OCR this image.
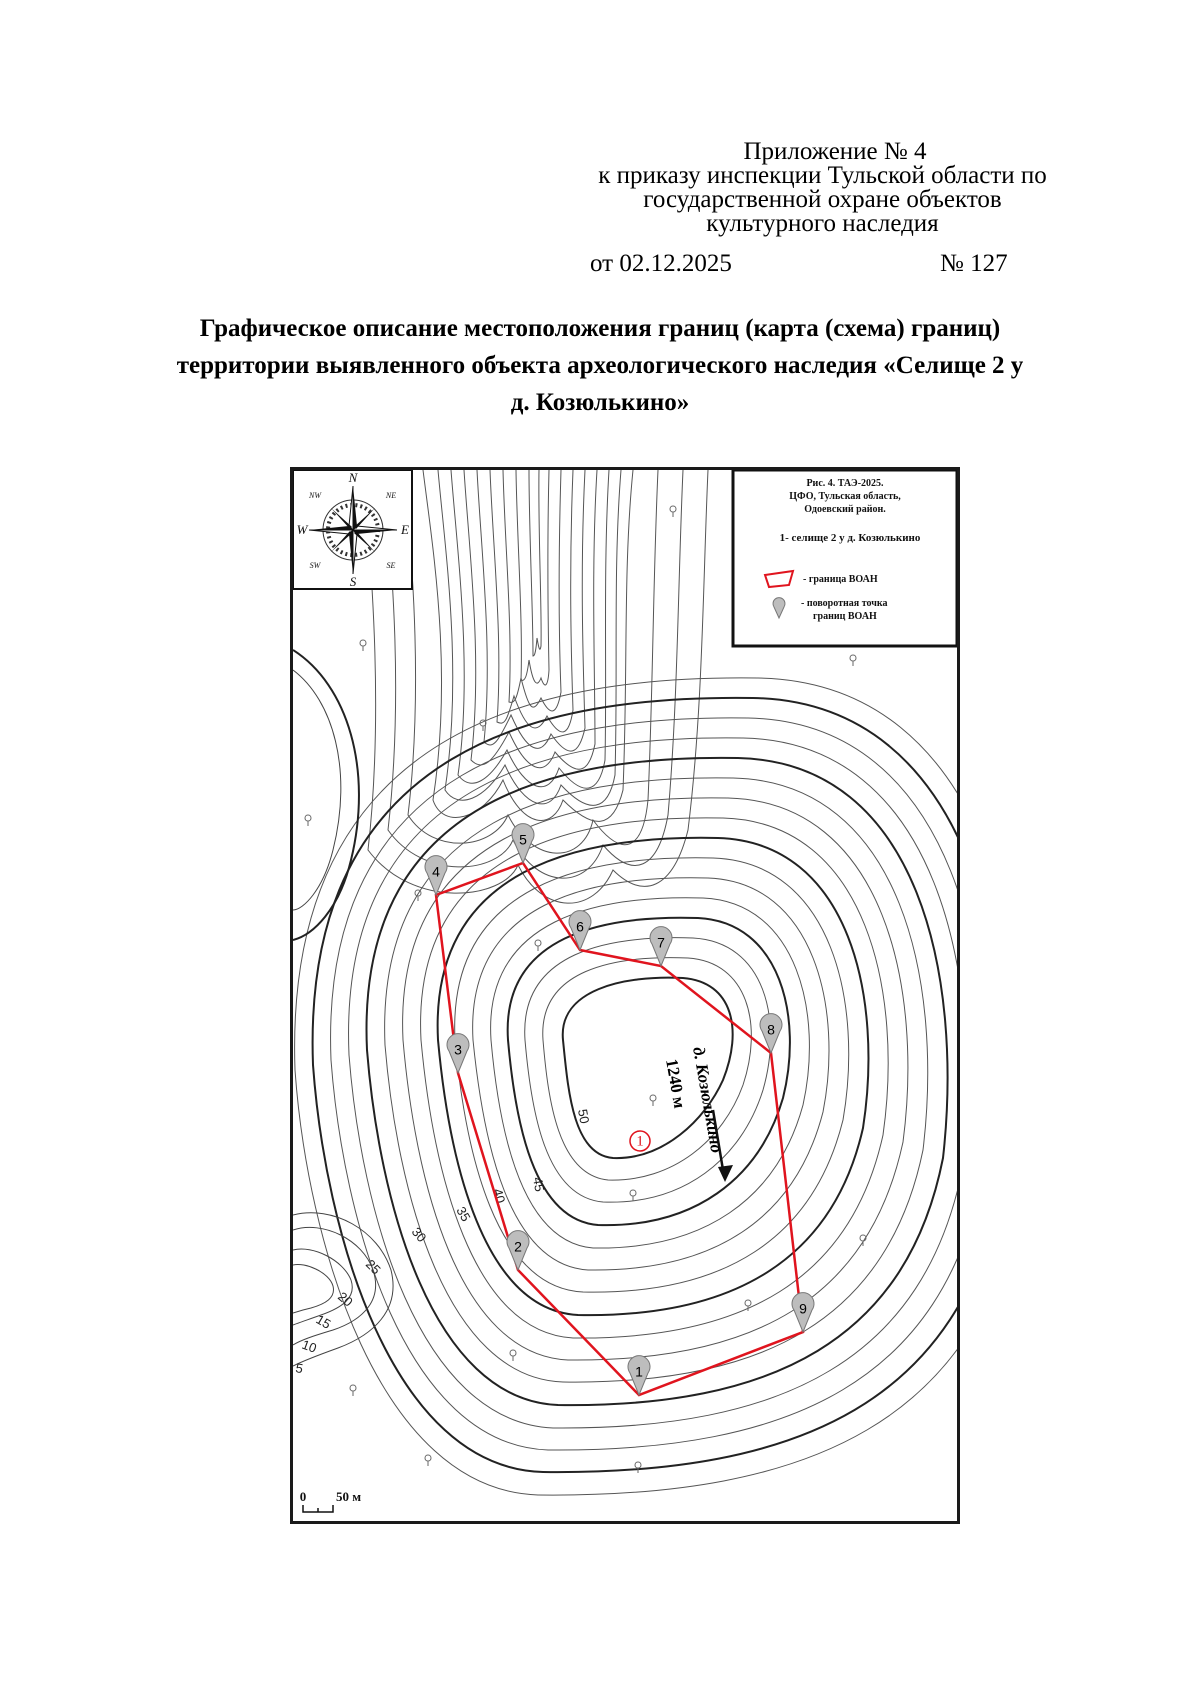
Приложение № 4
к приказу инспекции Тульской области по
государственной охране объектов
культурного наследия
от 02.12.2025	№ 127
Графическое описание местоположения границ (карта (схема) границ)
территории выявленного объекта археологического наследия «Селище 2 у
д. Козюлькино»
50
45
40
35
30
25
20
15
10
5	1
2
3
4
5
6
7
8
9
1	д. Козюлькино
1240 м
N
S
E
W
NE
NW
SE
SW
Рис. 4. ТАЭ-2025.
ЦФО, Тульская область,
Одоевский район.
1- селище 2 у д. Козюлькино
- граница ВОАН
- поворотная точка
границ ВОАН
0 50 м
